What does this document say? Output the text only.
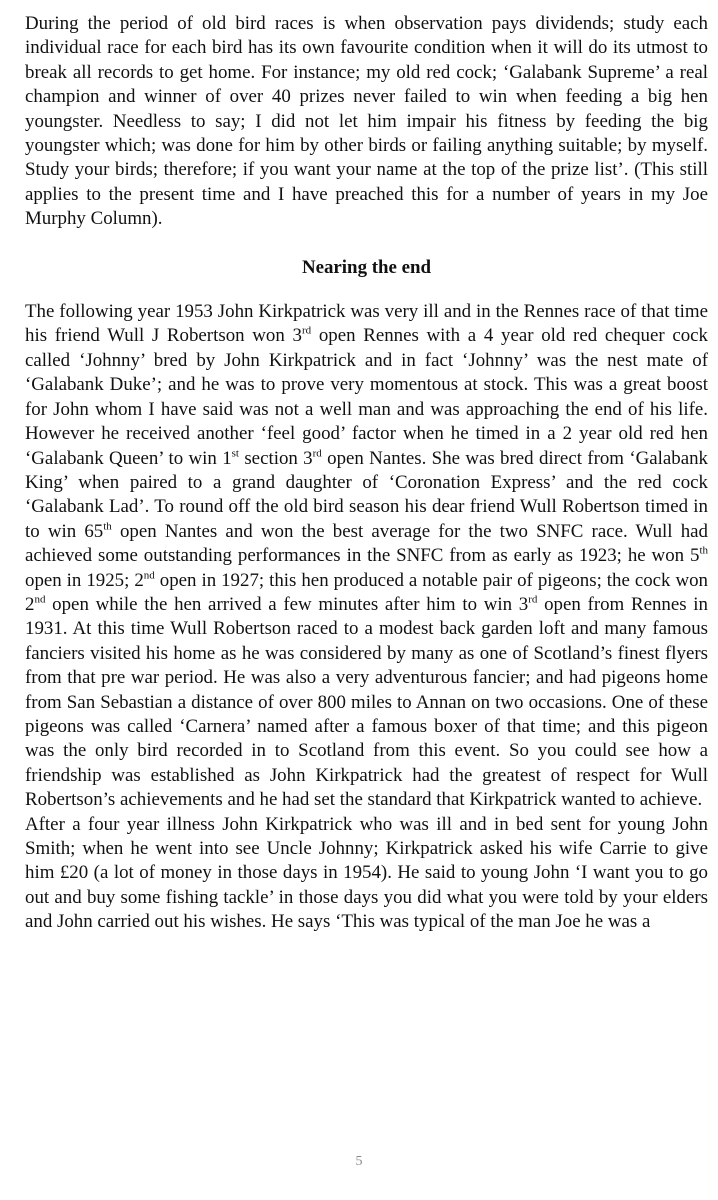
During the period of old bird races is when observation pays dividends; study each individual race for each bird has its own favourite condition when it will do its utmost to break all records to get home. For instance; my old red cock; ‘Galabank Supreme’ a real champion and winner of over 40 prizes never failed to win when feeding a big hen youngster. Needless to say; I did not let him impair his fitness by feeding the big youngster which; was done for him by other birds or failing anything suitable; by myself. Study your birds; therefore; if you want your name at the top of the prize list’. (This still applies to the present time and I have preached this for a number of years in my Joe Murphy Column).

Nearing the end

The following year 1953 John Kirkpatrick was very ill and in the Rennes race of that time his friend Wull J Robertson won 3rd open Rennes with a 4 year old red chequer cock called ‘Johnny’ bred by John Kirkpatrick and in fact ‘Johnny’ was the nest mate of ‘Galabank Duke’; and he was to prove very momentous at stock. This was a great boost for John whom I have said was not a well man and was approaching the end of his life. However he received another ‘feel good’ factor when he timed in a 2 year old red hen ‘Galabank Queen’ to win 1st section 3rd open Nantes. She was bred direct from ‘Galabank King’ when paired to a grand daughter of ‘Coronation Express’ and the red cock ‘Galabank Lad’. To round off the old bird season his dear friend Wull Robertson timed in to win 65th open Nantes and won the best average for the two SNFC race. Wull had achieved some outstanding performances in the SNFC from as early as 1923; he won 5th open in 1925; 2nd open in 1927; this hen produced a notable pair of pigeons; the cock won 2nd open while the hen arrived a few minutes after him to win 3rd open from Rennes in 1931. At this time Wull Robertson raced to a modest back garden loft and many famous fanciers visited his home as he was considered by many as one of Scotland’s finest flyers from that pre war period. He was also a very adventurous fancier; and had pigeons home from San Sebastian a distance of over 800 miles to Annan on two occasions. One of these pigeons was called ‘Carnera’ named after a famous boxer of that time; and this pigeon was the only bird recorded in to Scotland from this event. So you could see how a friendship was established as John Kirkpatrick had the greatest of respect for Wull Robertson’s achievements and he had set the standard that Kirkpatrick wanted to achieve.

After a four year illness John Kirkpatrick who was ill and in bed sent for young John Smith; when he went into see Uncle Johnny; Kirkpatrick asked his wife Carrie to give him £20 (a lot of money in those days in 1954). He said to young John ‘I want you to go out and buy some fishing tackle’ in those days you did what you were told by your elders and John carried out his wishes. He says ‘This was typical of the man Joe he was a

5
